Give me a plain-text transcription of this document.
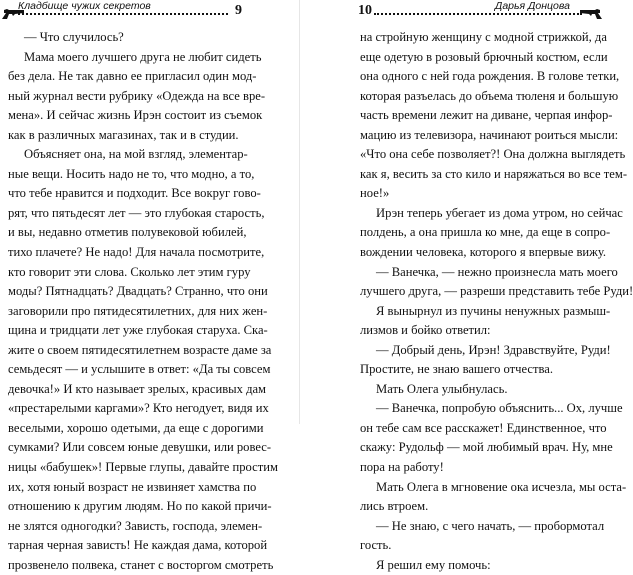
Кладбище чужих секретов	9
— Что случилось?
Мама моего лучшего друга не любит сидеть
без дела. Не так давно ее пригласил один мод-
ный журнал вести рубрику «Одежда на все вре-
мена». И сейчас жизнь Ирэн состоит из съемок
как в различных магазинах, так и в студии.
Объясняет она, на мой взгляд, элементар-
ные вещи. Носить надо не то, что модно, а то,
что тебе нравится и подходит. Все вокруг гово-
рят, что пятьдесят лет — это глубокая старость,
и вы, недавно отметив полувековой юбилей,
тихо плачете? Не надо! Для начала посмотрите,
кто говорит эти слова. Сколько лет этим гуру
моды? Пятнадцать? Двадцать? Странно, что они
заговорили про пятидесятилетних, для них жен-
щина и тридцати лет уже глубокая старуха. Ска-
жите о своем пятидесятилетнем возрасте даме за
семьдесят — и услышите в ответ: «Да ты совсем
девочка!» И кто называет зрелых, красивых дам
«престарелыми каргами»? Кто негодует, видя их
веселыми, хорошо одетыми, да еще с дорогими
сумками? Или совсем юные девушки, или ровес-
ницы «бабушек»! Первые глупы, давайте простим
их, хотя юный возраст не извиняет хамства по
отношению к другим людям. Но по какой причи-
не злятся одногодки? Зависть, господа, элемен-
тарная черная зависть! Не каждая дама, которой
прозвенело полвека, станет с восторгом смотреть
10	Дарья Донцова
на стройную женщину с модной стрижкой, да
еще одетую в розовый брючный костюм, если
она одного с ней года рождения. В голове тетки,
которая разъелась до объема тюленя и большую
часть времени лежит на диване, черпая инфор-
мацию из телевизора, начинают роиться мысли:
«Что она себе позволяет?! Она должна выглядеть
как я, весить за сто кило и наряжаться во все тем-
ное!»
Ирэн теперь убегает из дома утром, но сейчас
полдень, а она пришла ко мне, да еще в сопро-
вождении человека, которого я впервые вижу.
— Ванечка, — нежно произнесла мать моего
лучшего друга, — разреши представить тебе Руди!
Я вынырнул из пучины ненужных размыш-
лизмов и бойко ответил:
— Добрый день, Ирэн! Здравствуйте, Руди!
Простите, не знаю вашего отчества.
Мать Олега улыбнулась.
— Ванечка, попробую объяснить... Ох, лучше
он тебе сам все расскажет! Единственное, что
скажу: Рудольф — мой любимый врач. Ну, мне
пора на работу!
Мать Олега в мгновение ока исчезла, мы оста-
лись втроем.
— Не знаю, с чего начать, — пробормотал
гость.
Я решил ему помочь:
